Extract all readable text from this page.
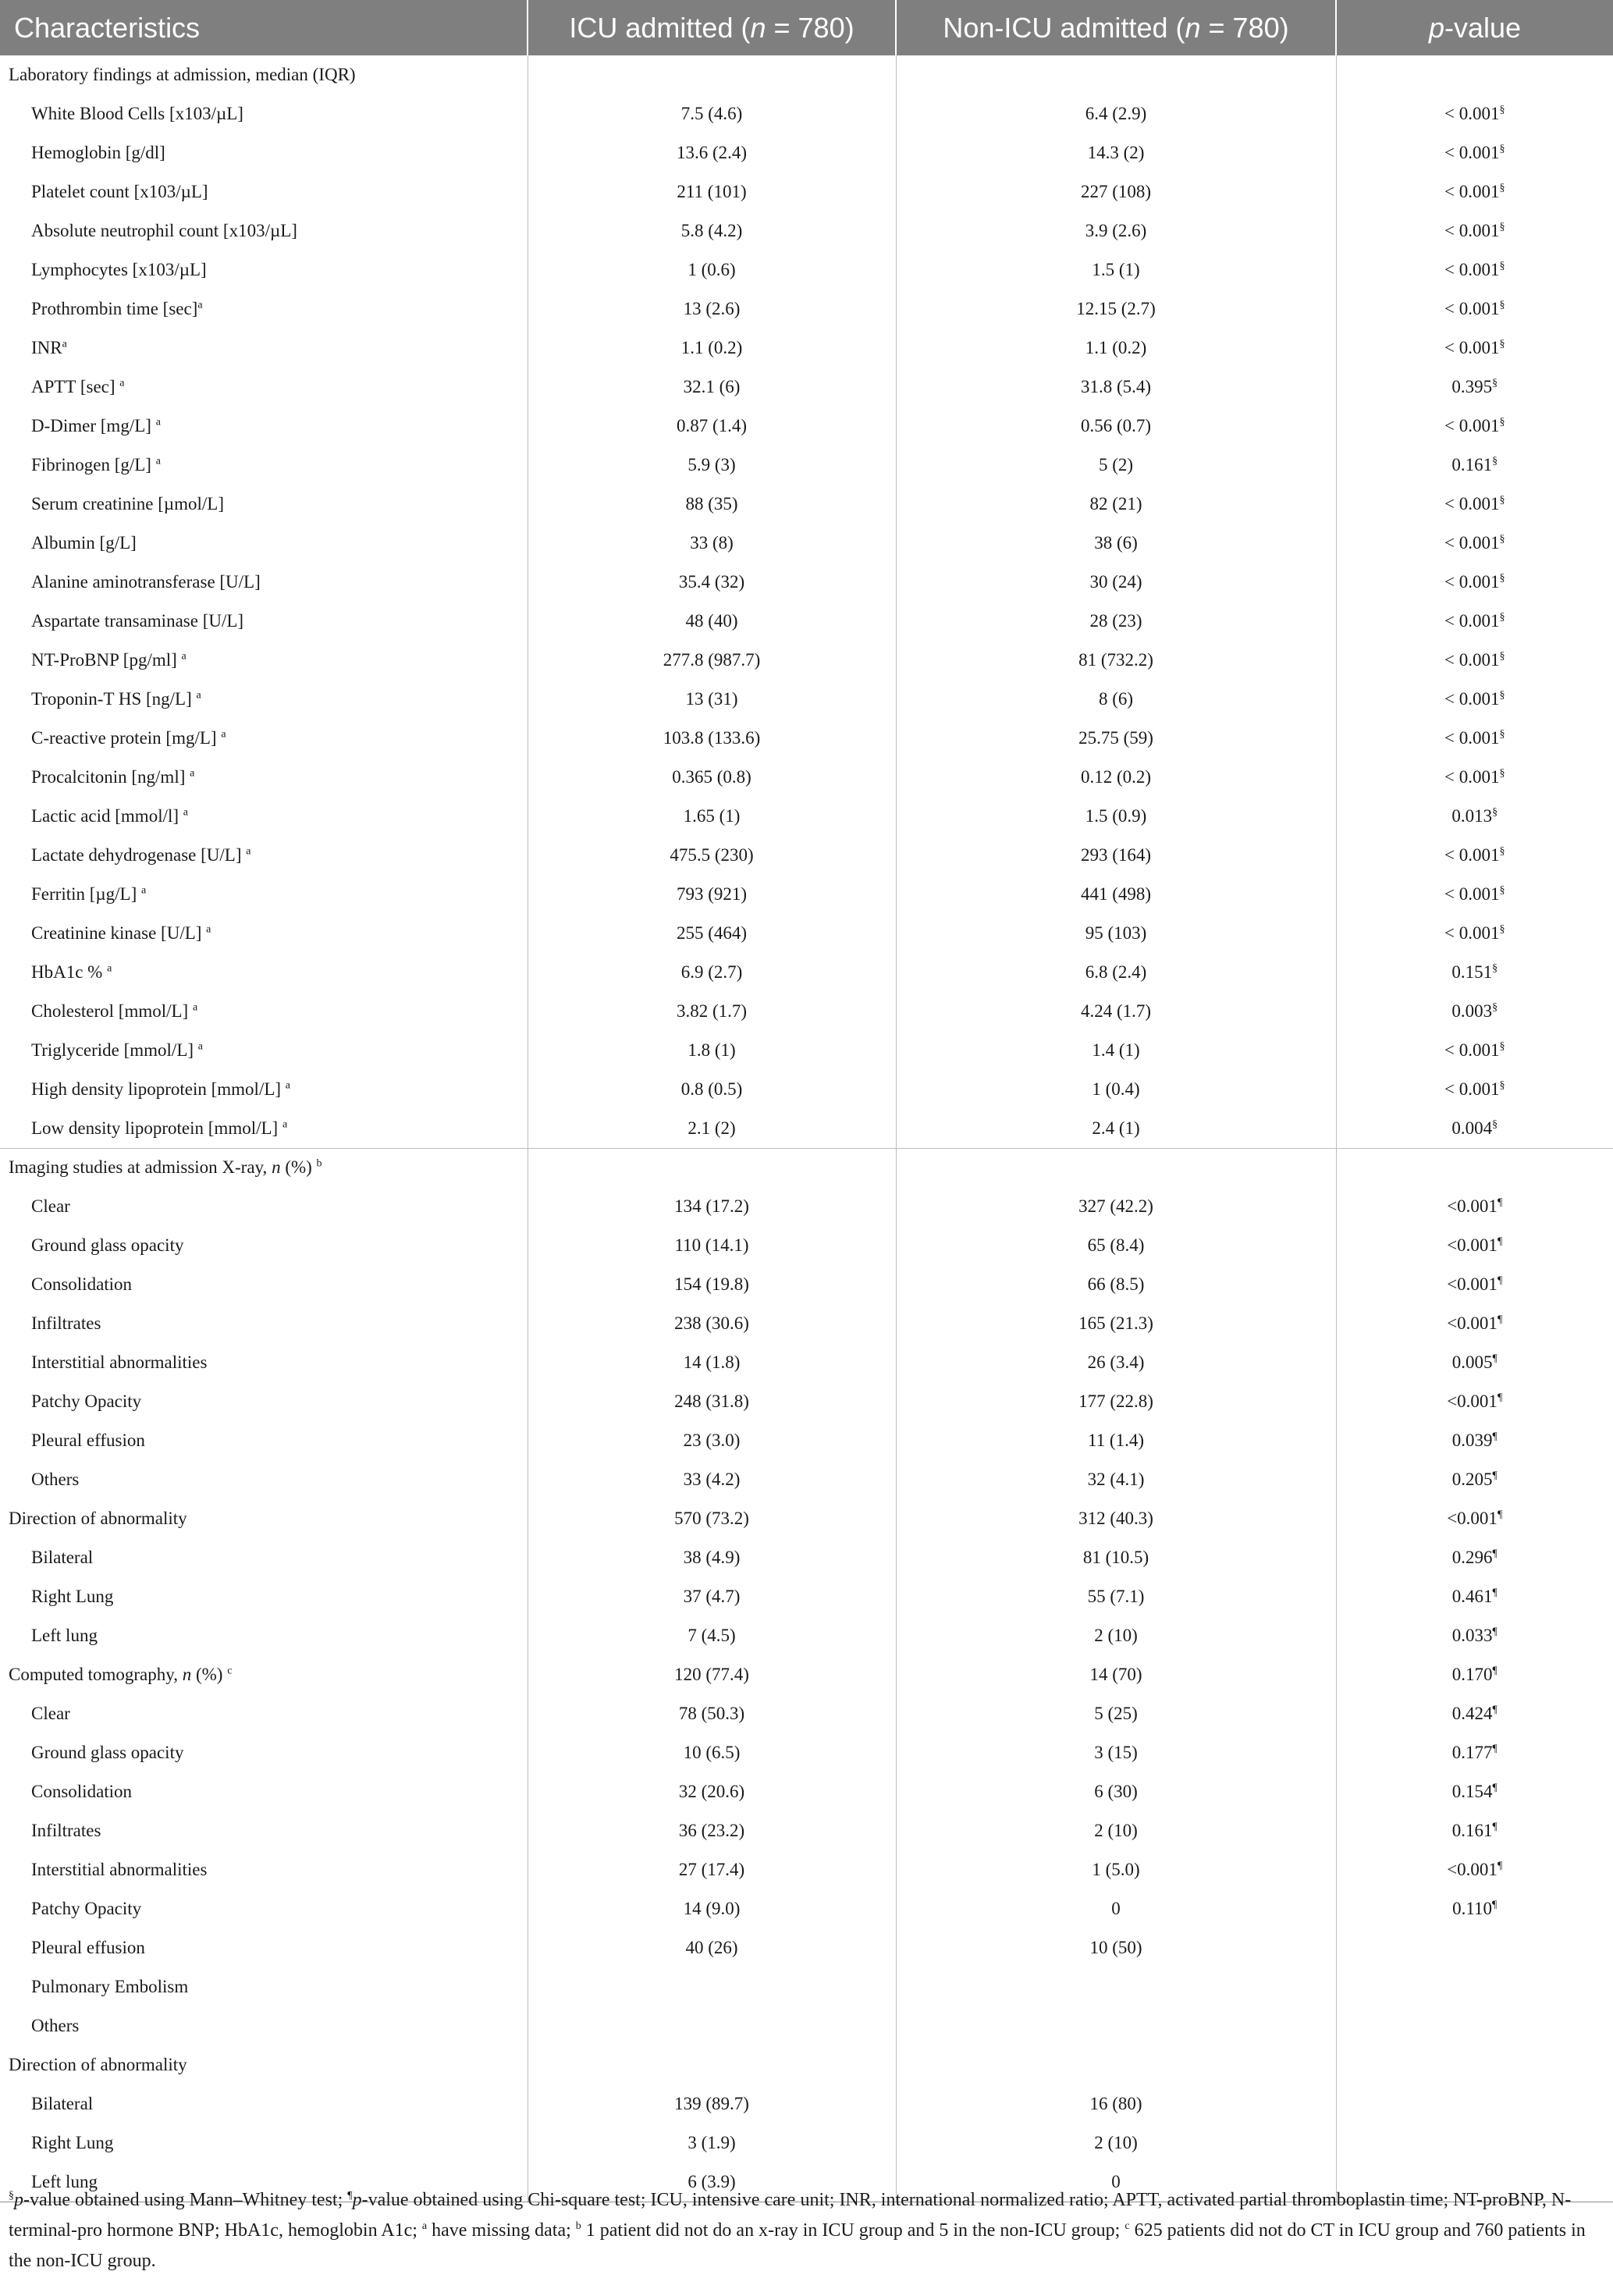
Characteristics	ICU admitted (n = 780)	Non-ICU admitted (n = 780)	p-value
Laboratory findings at admission, median (IQR)			
White Blood Cells [x103/µL]	7.5 (4.6)	6.4 (2.9)	< 0.001§
Hemoglobin [g/dl]	13.6 (2.4)	14.3 (2)	< 0.001§
Platelet count [x103/µL]	211 (101)	227 (108)	< 0.001§
Absolute neutrophil count [x103/µL]	5.8 (4.2)	3.9 (2.6)	< 0.001§
Lymphocytes [x103/µL]	1 (0.6)	1.5 (1)	< 0.001§
Prothrombin time $[\sec]^a$	13 (2.6)	12.15 (2.7)	< 0.001§
INR$^a$	1.1 (0.2)	1.1 (0.2)	< 0.001§
APTT [sec] $^a$	32.1 (6)	31.8 (5.4)	0.395§
D-Dimer [mg/L] $^a$	0.87 (1.4)	0.56 (0.7)	< 0.001§
Fibrinogen [g/L] $^a$	5.9 (3)	5 (2)	0.161§
Serum creatinine [µmol/L]	88 (35)	82 (21)	< 0.001§
Albumin [g/L]	33 (8)	38 (6)	< 0.001§
Alanine aminotransferase [U/L]	35.4 (32)	30 (24)	< 0.001§
Aspartate transaminase [U/L]	48 (40)	28 (23)	< 0.001§
NT-ProBNP [pg/ml] $^a$	277.8 (987.7)	81 (732.2)	< 0.001§
Troponin-T HS [ng/L] $^a$	13 (31)	8 (6)	< 0.001§
C-reactive protein [mg/L] $^a$	103.8 (133.6)	25.75 (59)	< 0.001§
Procalcitonin [ng/ml] $^a$	0.365 (0.8)	0.12 (0.2)	< 0.001§
Lactic acid [mmol/l] $^a$	1.65 (1)	1.5 (0.9)	0.013§
Lactate dehydrogenase [U/L] $^a$	475.5 (230)	293 (164)	< 0.001§
Ferritin [µg/L] $^a$	793 (921)	441 (498)	< 0.001§
Creatinine kinase [U/L] $^a$	255 (464)	95 (103)	< 0.001§
HbA1c % $^a$	6.9 (2.7)	6.8 (2.4)	0.151§
Cholesterol [mmol/L] $^a$	3.82 (1.7)	4.24 (1.7)	0.003§
Triglyceride [mmol/L] $^a$	1.8 (1)	1.4 (1)	< 0.001§
High density lipoprotein [mmol/L] $^a$	0.8 (0.5)	1 (0.4)	< 0.001§
Low density lipoprotein [mmol/L] $^a$	2.1 (2)	2.4 (1)	0.004§
Imaging studies at admission X-ray, n (%) $^b$			
Clear	134 (17.2)	327 (42.2)	<0.001¶
Ground glass opacity	110 (14.1)	65 (8.4)	<0.001¶
Consolidation	154 (19.8)	66 (8.5)	<0.001¶
Infiltrates	238 (30.6)	165 (21.3)	<0.001¶
Interstitial abnormalities	14 (1.8)	26 (3.4)	0.005¶
Patchy Opacity	248 (31.8)	177 (22.8)	<0.001¶
Pleural effusion	23 (3.0)	11 (1.4)	0.039¶
Others	33 (4.2)	32 (4.1)	0.205¶
Direction of abnormality	570 (73.2)	312 (40.3)	<0.001¶
Bilateral	38 (4.9)	81 (10.5)	0.296¶
Right Lung	37 (4.7)	55 (7.1)	0.461¶
Left lung	7 (4.5)	2 (10)	0.033¶
Computed tomography, n (%) $^c$	120 (77.4)	14 (70)	0.170¶
Clear	78 (50.3)	5 (25)	0.424¶
Ground glass opacity	10 (6.5)	3 (15)	0.177¶
Consolidation	32 (20.6)	6 (30)	0.154¶
Infiltrates	36 (23.2)	2 (10)	0.161¶
Interstitial abnormalities	27 (17.4)	1 (5.0)	<0.001¶
Patchy Opacity	14 (9.0)	0	0.110¶
Pleural effusion	40 (26)	10 (50)	
Pulmonary Embolism			
Others			
Direction of abnormality			
Bilateral	139 (89.7)	16 (80)	
Right Lung	3 (1.9)	2 (10)	
Left lung	6 (3.9)	0	
§p-value obtained using Mann–Whitney test; ¶p-value obtained using Chi-square test; ICU, intensive care unit; INR, international normalized ratio; APTT, activated partial thromboplastin time; NT-proBNP, N-terminal-pro hormone BNP; HbA1c, hemoglobin A1c; $^a$ have missing data; $^b$ 1 patient did not do an x-ray in ICU group and 5 in the non-ICU group; $^c$ 625 patients did not do CT in ICU group and 760 patients in the non-ICU group.
